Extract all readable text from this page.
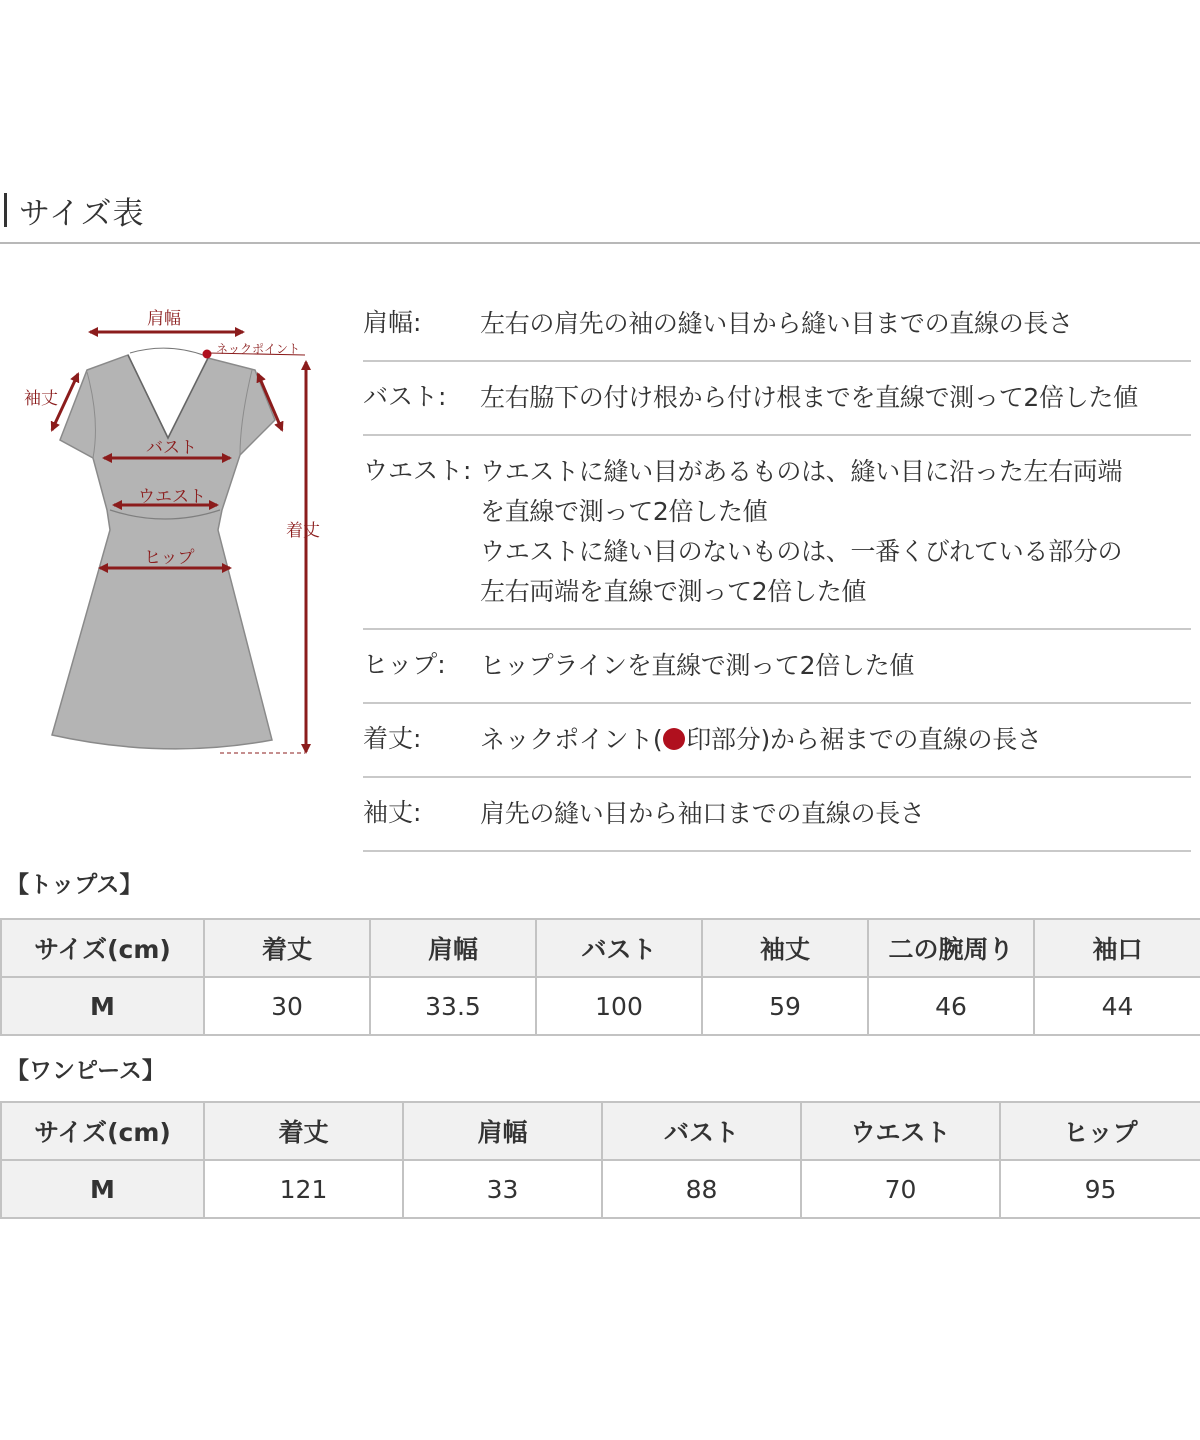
サイズ表
肩幅
ネックポイント
袖丈
バスト
ウエスト
ヒップ
着丈
肩幅:	左右の肩先の袖の縫い目から縫い目までの直線の長さ
バスト:	左右脇下の付け根から付け根までを直線で測って2倍した値
ウエスト: ウエストに縫い目があるものは、縫い目に沿った左右両端
を直線で測って2倍した値
ウエストに縫い目のないものは、一番くびれている部分の
左右両端を直線で測って2倍した値
ヒップ:	ヒップラインを直線で測って2倍した値
着丈:	ネックポイント( 印部分)から裾までの直線の長さ
袖丈:	肩先の縫い目から袖口までの直線の長さ
【トップス】
サイズ(cm)	着丈	肩幅	バスト	袖丈	二の腕周り	袖口
M	30	33.5	100	59	46	44
【ワンピース】
サイズ(cm)	着丈	肩幅	バスト	ウエスト	ヒップ
M	121	33	88	70	95
